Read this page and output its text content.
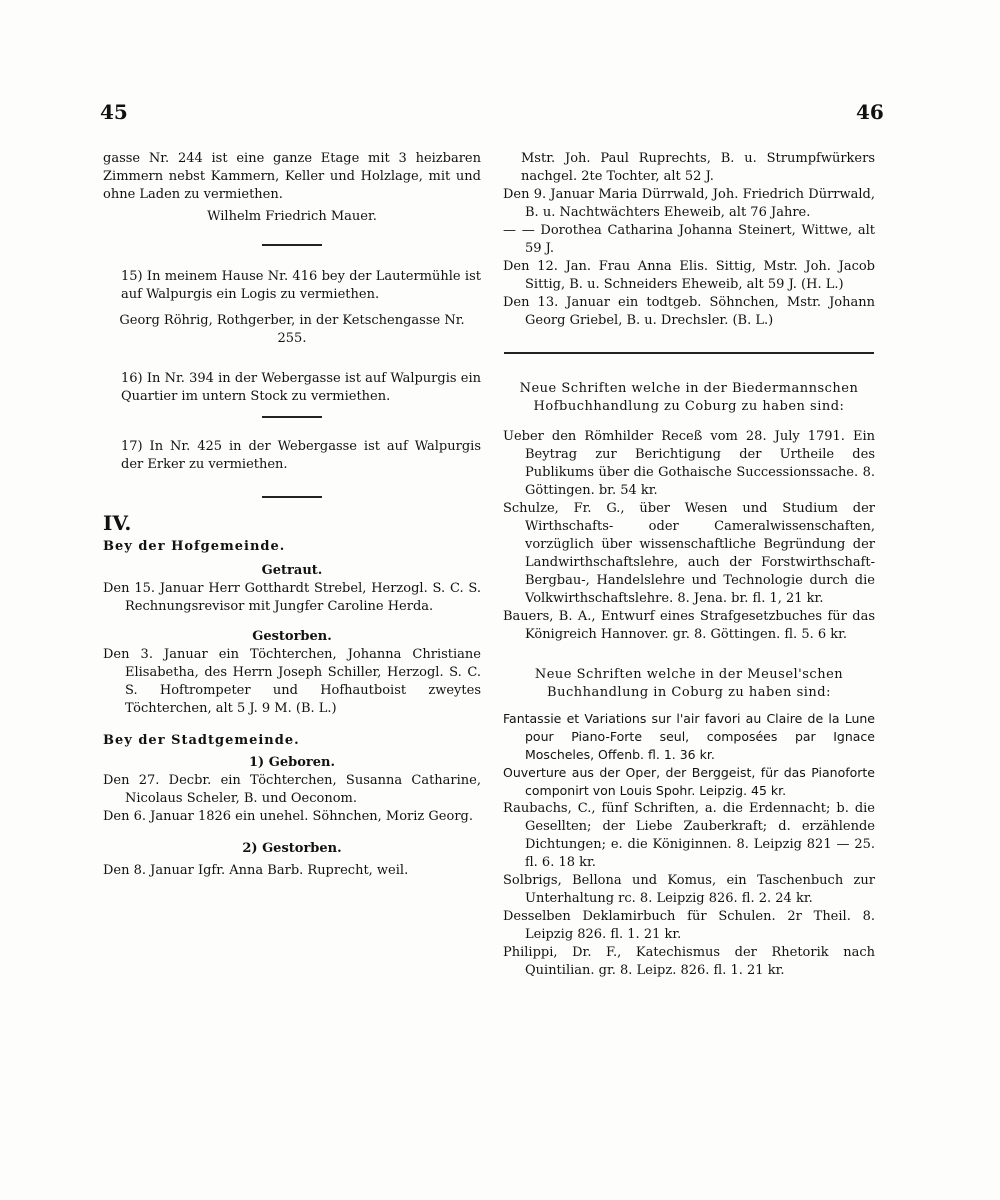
45	46

gasse Nr. 244 ist eine ganze Etage mit 3 heizbaren Zimmern nebst Kammern, Keller und Holzlage, mit und ohne Laden zu vermiethen.

Wilhelm Friedrich Mauer.

15) In meinem Hause Nr. 416 bey der Lautermühle ist auf Walpurgis ein Logis zu vermiethen.

Georg Röhrig, Rothgerber, in der Ketschengasse Nr. 255.

16) In Nr. 394 in der Webergasse ist auf Walpurgis ein Quartier im untern Stock zu vermiethen.

17) In Nr. 425 in der Webergasse ist auf Walpurgis der Erker zu vermiethen.

IV.

Bey der Hofgemeinde.

Getraut.

Den 15. Januar Herr Gotthardt Strebel, Herzogl. S. C. S. Rechnungsrevisor mit Jungfer Caroline Herda.

Gestorben.

Den 3. Januar ein Töchterchen, Johanna Christiane Elisabetha, des Herrn Joseph Schiller, Herzogl. S. C. S. Hoftrompeter und Hofhautboist zweytes Töchterchen, alt 5 J. 9 M. (B. L.)

Bey der Stadtgemeinde.

1) Geboren.

Den 27. Decbr. ein Töchterchen, Susanna Catharine, Nicolaus Scheler, B. und Oeconom.

Den 6. Januar 1826 ein unehel. Söhnchen, Moriz Georg.

2) Gestorben.

Den 8. Januar Igfr. Anna Barb. Ruprecht, weil.

Mstr. Joh. Paul Ruprechts, B. u. Strumpfwürkers nachgel. 2te Tochter, alt 52 J.

Den 9. Januar Maria Dürrwald, Joh. Friedrich Dürrwald, B. u. Nachtwächters Eheweib, alt 76 Jahre.

— — Dorothea Catharina Johanna Steinert, Wittwe, alt 59 J.

Den 12. Jan. Frau Anna Elis. Sittig, Mstr. Joh. Jacob Sittig, B. u. Schneiders Eheweib, alt 59 J. (H. L.)

Den 13. Januar ein todtgeb. Söhnchen, Mstr. Johann Georg Griebel, B. u. Drechsler. (B. L.)

Neue Schriften welche in der Biedermannschen Hofbuchhandlung zu Coburg zu haben sind:

Ueber den Römhilder Receß vom 28. July 1791. Ein Beytrag zur Berichtigung der Urtheile des Publikums über die Gothaische Successionssache. 8. Göttingen. br. 54 kr.

Schulze, Fr. G., über Wesen und Studium der Wirthschafts- oder Cameralwissenschaften, vorzüglich über wissenschaftliche Begründung der Landwirthschaftslehre, auch der Forstwirthschaft- Bergbau-, Handelslehre und Technologie durch die Volkwirthschaftslehre. 8. Jena. br. fl. 1, 21 kr.

Bauers, B. A., Entwurf eines Strafgesetzbuches für das Königreich Hannover. gr. 8. Göttingen. fl. 5. 6 kr.

Neue Schriften welche in der Meusel'schen Buchhandlung in Coburg zu haben sind:

Fantassie et Variations sur l'air favori au Claire de la Lune pour Piano-Forte seul, composées par Ignace Moscheles, Offenb. fl. 1. 36 kr.

Ouverture aus der Oper, der Berggeist, für das Pianoforte componirt von Louis Spohr. Leipzig. 45 kr.

Raubachs, C., fünf Schriften, a. die Erdennacht; b. die Gesellten; der Liebe Zauberkraft; d. erzählende Dichtungen; e. die Königinnen. 8. Leipzig 821 — 25. fl. 6. 18 kr.

Solbrigs, Bellona und Komus, ein Taschenbuch zur Unterhaltung rc. 8. Leipzig 826. fl. 2. 24 kr.

Desselben Deklamirbuch für Schulen. 2r Theil. 8. Leipzig 826. fl. 1. 21 kr.

Philippi, Dr. F., Katechismus der Rhetorik nach Quintilian. gr. 8. Leipz. 826. fl. 1. 21 kr.
